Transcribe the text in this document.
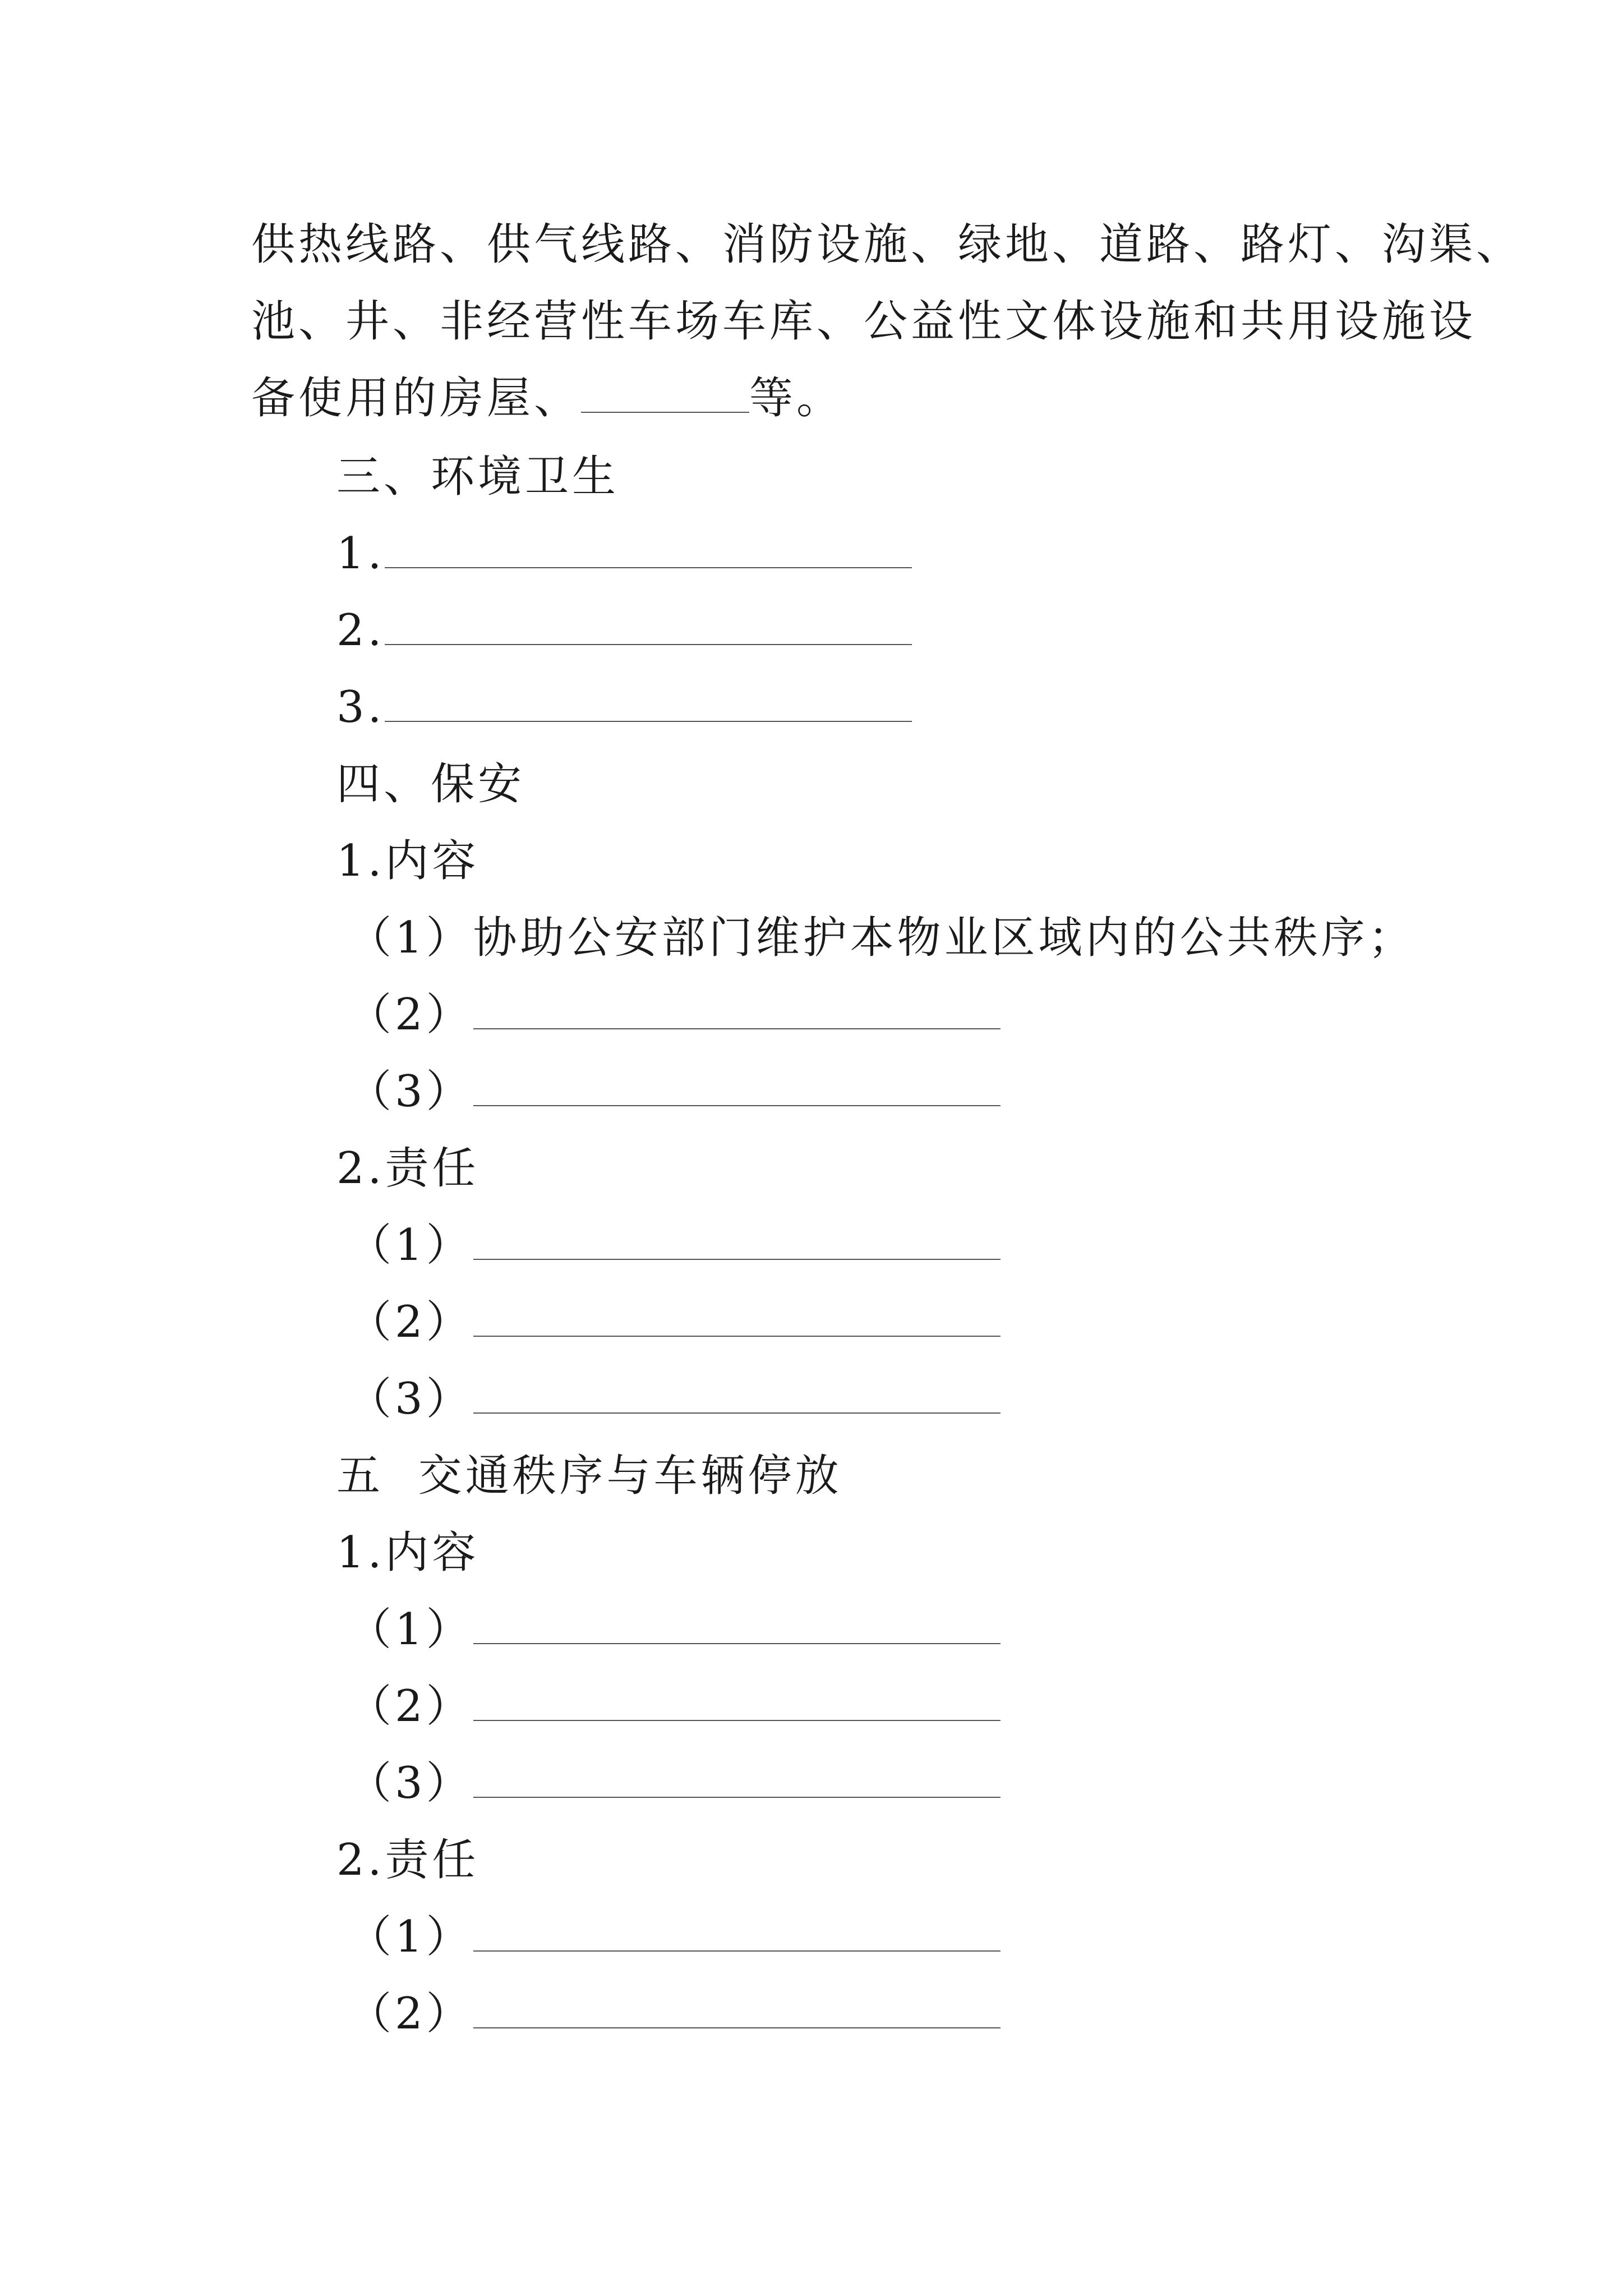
供热线路、供气线路、消防设施、绿地、道路、路灯、沟渠、
池、井、非经营性车场车库、公益性文体设施和共用设施设
备使用的房屋、	等。
三、环境卫生
1.
2.
3.
四、保安
1.内容
（1）协助公安部门维护本物业区域内的公共秩序；
（2）
（3）
2.责任
（1）
（2）
（3）
五  交通秩序与车辆停放
1.内容
（1）
（2）
（3）
2.责任
（1）
（2）
